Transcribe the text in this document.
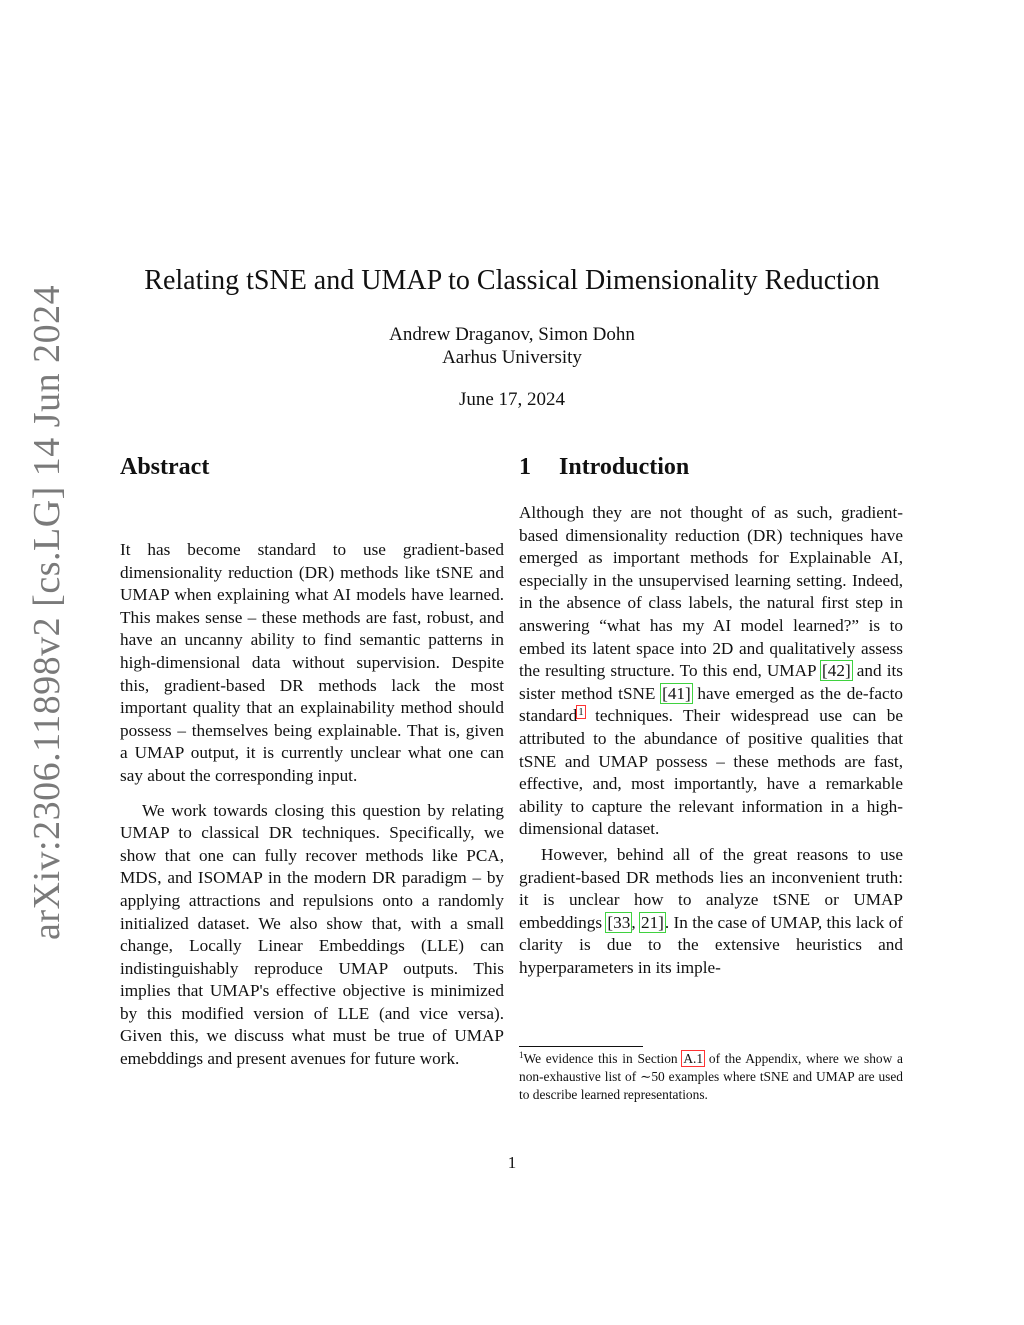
arXiv:2306.11898v2 [cs.LG] 14 Jun 2024
Relating tSNE and UMAP to Classical Dimensionality Reduction
Andrew Draganov, Simon Dohn
Aarhus University
June 17, 2024
Abstract

It has become standard to use gradient-based dimensionality reduction (DR) methods like tSNE and UMAP when explaining what AI models have learned. This makes sense – these methods are fast, robust, and have an uncanny ability to find semantic patterns in high-dimensional data without supervision. Despite this, gradient-based DR methods lack the most important quality that an explainability method should possess – themselves being explainable. That is, given a UMAP output, it is currently unclear what one can say about the corresponding input.

We work towards closing this question by relating UMAP to classical DR techniques. Specifically, we show that one can fully recover methods like PCA, MDS, and ISOMAP in the modern DR paradigm – by applying attractions and repulsions onto a randomly initialized dataset. We also show that, with a small change, Locally Linear Embeddings (LLE) can indistinguishably reproduce UMAP outputs. This implies that UMAP's effective objective is minimized by this modified version of LLE (and vice versa). Given this, we discuss what must be true of UMAP emebddings and present avenues for future work.

1 Introduction

Although they are not thought of as such, gradient-based dimensionality reduction (DR) techniques have emerged as important methods for Explainable AI, especially in the unsupervised learning setting. Indeed, in the absence of class labels, the natural first step in answering “what has my AI model learned?” is to embed its latent space into 2D and qualitatively assess the resulting structure. To this end, UMAP [42] and its sister method tSNE [41] have emerged as the de-facto standard$^1$ techniques. Their widespread use can be attributed to the abundance of positive qualities that tSNE and UMAP possess – these methods are fast, effective, and, most importantly, have a remarkable ability to capture the relevant information in a high-dimensional dataset.

However, behind all of the great reasons to use gradient-based DR methods lies an inconvenient truth: it is unclear how to analyze tSNE or UMAP embeddings [33, 21]. In the case of UMAP, this lack of clarity is due to the extensive heuristics and hyperparameters in its imple-

$^1$We evidence this in Section A.1 of the Appendix, where we show a non-exhaustive list of ∼50 examples where tSNE and UMAP are used to describe learned representations.
1
